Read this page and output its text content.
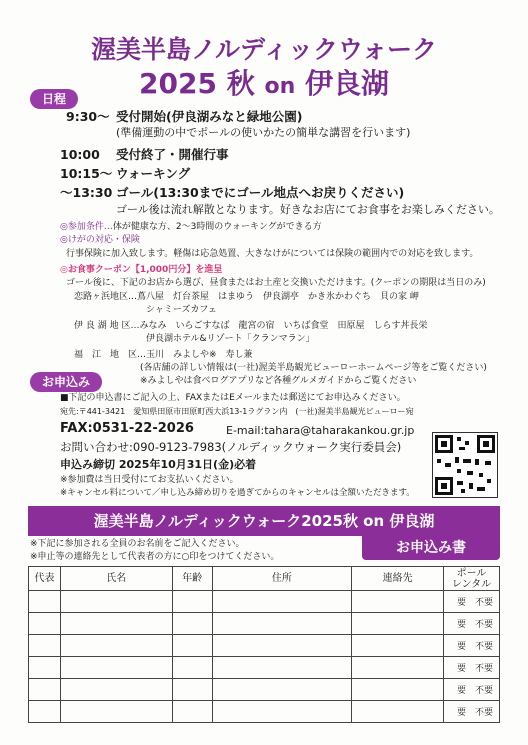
渥美半島ノルディックウォーク
2025 秋 on 伊良湖
日程
9:30〜 受付開始(伊良湖みなと緑地公園)
(準備運動の中でポールの使いかたの簡単な講習を行います)
10:00 受付終了・開催行事
10:15〜 ウォーキング
〜13:30 ゴール(13:30までにゴール地点へお戻りください)
ゴール後は流れ解散となります。好きなお店にてお食事をお楽しみください。
◎参加条件…体が健康な方、2〜3時間のウォーキングができる方
◎けがの対応・保険
行事保険に加入致します。軽傷は応急処置、大きなけがについては保険の範囲内での対応を致します。
◎お食事クーポン【1,000円分】を進呈
ゴール後に、下記のお店から選び、昼食またはお土産と交換いただけます。(クーポンの期限は当日のみ)
恋路ヶ浜地区…蔦八屋　灯台茶屋　はまゆう　伊良湖亭　かき氷かわぐち　貝の家 岬
シャミーズカフェ
伊 良 湖 地 区…みなみ　いらごすなば　龍宮の宿　いちば食堂　田原屋　しらす丼長栄
伊良湖ホテル&リゾート「クランマラン」
福　江　地　区…玉川　みよしや※　寿し兼
(各店舗の詳しい情報は(一社)渥美半島観光ビューローホームページ等をご覧ください)
※みよしやは食べログアプリなど各種グルメガイドからご覧ください
お申込み
■下記の申込書にご記入の上、FAXまたはEメールまたは郵送にてお申込みください。
宛先:〒441-3421　愛知県田原市田原町西大浜13-1ラグラン内　(一社)渥美半島観光ビューロー宛
FAX:0531-22-2026	E-mail:tahara@taharakankou.gr.jp
お問い合わせ:090-9123-7983(ノルディックウォーク実行委員会)
申込み締切 2025年10月31日(金)必着
※参加費は当日受付にてお支払いください。
※キャンセル料について／申し込み締め切りを過ぎてからのキャンセルは全額いただきます。
渥美半島ノルディックウォーク2025秋 on 伊良湖
お申込み書
※下記に参加される全員のお名前をご記入ください。
※申止等の連絡先として代表者の方に○印をつけてください。
代表	氏名	年齢	住所	連絡先	ポール
レンタル
					要　不要
					要　不要
					要　不要
					要　不要
					要　不要
					要　不要
